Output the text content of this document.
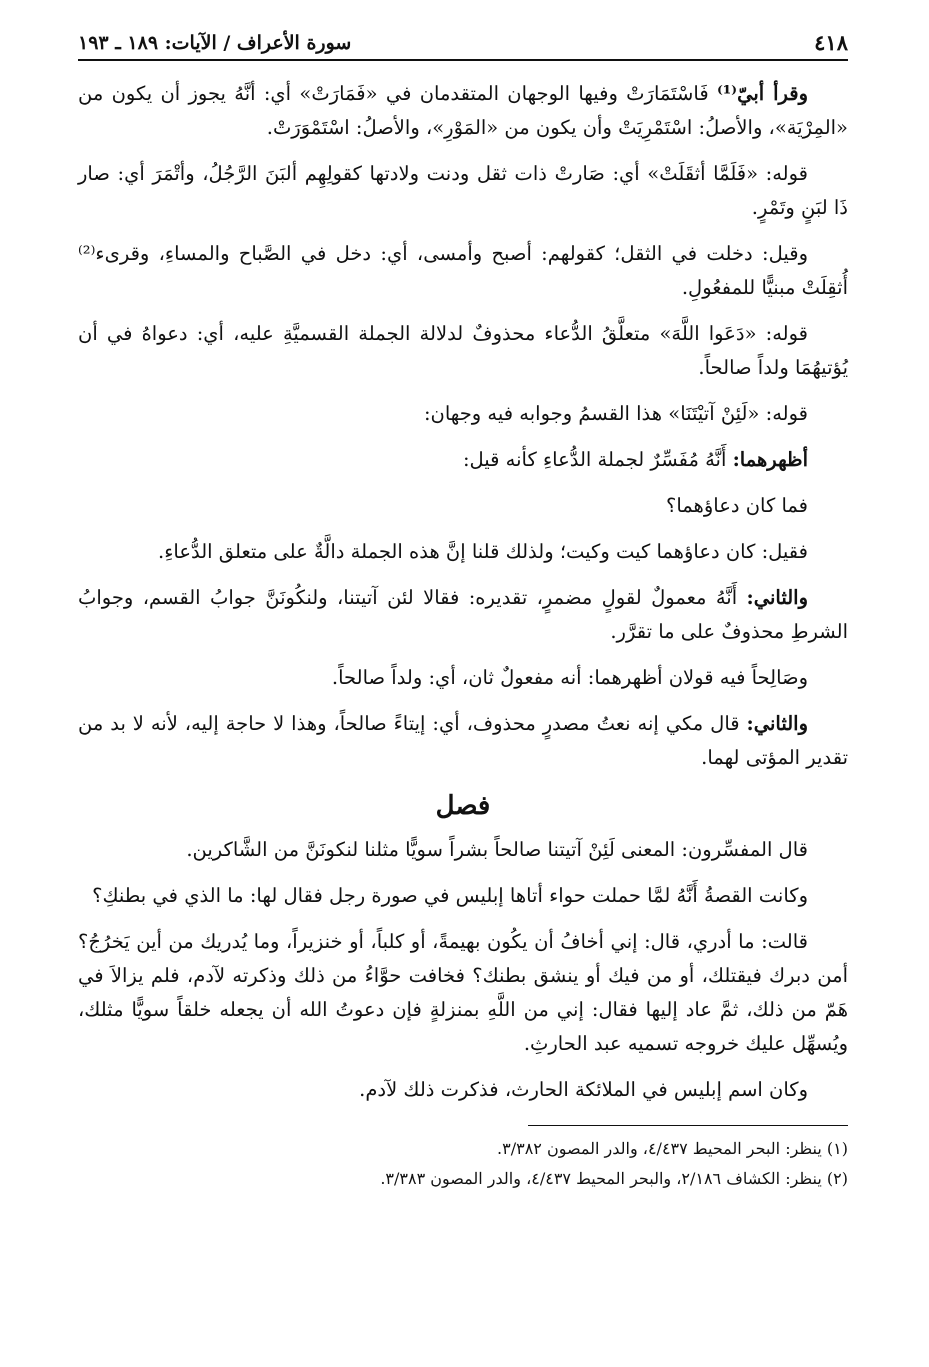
٤١٨
سورة الأعراف / الآيات: ١٨٩ ـ ١٩٣

وقرأ أبيّ⁽¹⁾ فَاسْتَمَارَتْ وفيها الوجهان المتقدمان في «فَمَارَتْ» أي: أنَّهُ يجوز أن يكون من «المِرْيَة»، والأصلُ: اسْتَمْرِيَتْ وأن يكون من «المَوْرِ»، والأصلُ: اسْتَمْوَرَتْ.

قوله: «فَلَمَّا أثقَلَتْ» أي: صَارتْ ذات ثقل ودنت ولادتها كقولِهِم ألبَنَ الرَّجُلُ، وأتْمَرَ أي: صار ذَا لبَنٍ وتَمْرٍ.

وقيل: دخلت في الثقل؛ كقولهم: أصبح وأمسى، أي: دخل في الصَّباح والمساءِ، وقرىء⁽²⁾ أُثقِلَتْ مبنيًّا للمفعُولِ.

قوله: «دَعَوا اللَّهَ» متعلَّقُ الدُّعاء محذوفٌ لدلالة الجملة القسميَّةِ عليه، أي: دعواهُ في أن يُؤتيهُمَا ولداً صالحاً.

قوله: «لَئِنْ آتيْتَنَا» هذا القسمُ وجوابه فيه وجهان:

أظهرهما: أَنَّهُ مُفَسِّرٌ لجملة الدُّعاءِ كأنه قيل:

فما كان دعاؤهما؟

فقيل: كان دعاؤهما كيت وكيت؛ ولذلك قلنا إنَّ هذه الجملة دالَّةٌ على متعلق الدُّعاءِ.

والثاني: أَنَّهُ معمولٌ لقولٍ مضمرٍ، تقديره: فقالا لئن آتيتنا، ولنكُونَنَّ جوابُ القسم، وجوابُ الشرطِ محذوفٌ على ما تقرَّر.

وصَالِحاً فيه قولان أظهرهما: أنه مفعولٌ ثان، أي: ولداً صالحاً.

والثاني: قال مكي إنه نعتُ مصدرٍ محذوف، أي: إيتاءً صالحاً، وهذا لا حاجة إليه، لأنه لا بد من تقدير المؤتى لهما.

فصل

قال المفسِّرون: المعنى لَئِنْ آتيتنا صالحاً بشراً سويًّا مثلنا لنكونَنَّ من الشَّاكرين.

وكانت القصةُ أَنَّهُ لمَّا حملت حواء أتاها إبليس في صورة رجل فقال لها: ما الذي في بطنكِ؟

قالت: ما أدري، قال: إني أخافُ أن يكُون بهيمةً، أو كلباً، أو خنزيراً، وما يُدريك من أين يَخرُجُ؟ أمن دبرك فيقتلك، أو من فيك أو ينشق بطنك؟ فخافت حوَّاءُ من ذلك وذكرته لآدم، فلم يزالاَ في هَمّ من ذلك، ثمَّ عاد إليها فقال: إني من اللَّهِ بمنزلةٍ فإن دعوتُ الله أن يجعله خلقاً سويًّا مثلك، ويُسهِّل عليك خروجه تسميه عبد الحارثِ.

وكان اسم إبليس في الملائكة الحارث، فذكرت ذلك لآدم.

(١) ينظر: البحر المحيط ٤/٤٣٧، والدر المصون ٣/٣٨٢.
(٢) ينظر: الكشاف ٢/١٨٦، والبحر المحيط ٤/٤٣٧، والدر المصون ٣/٣٨٣.
